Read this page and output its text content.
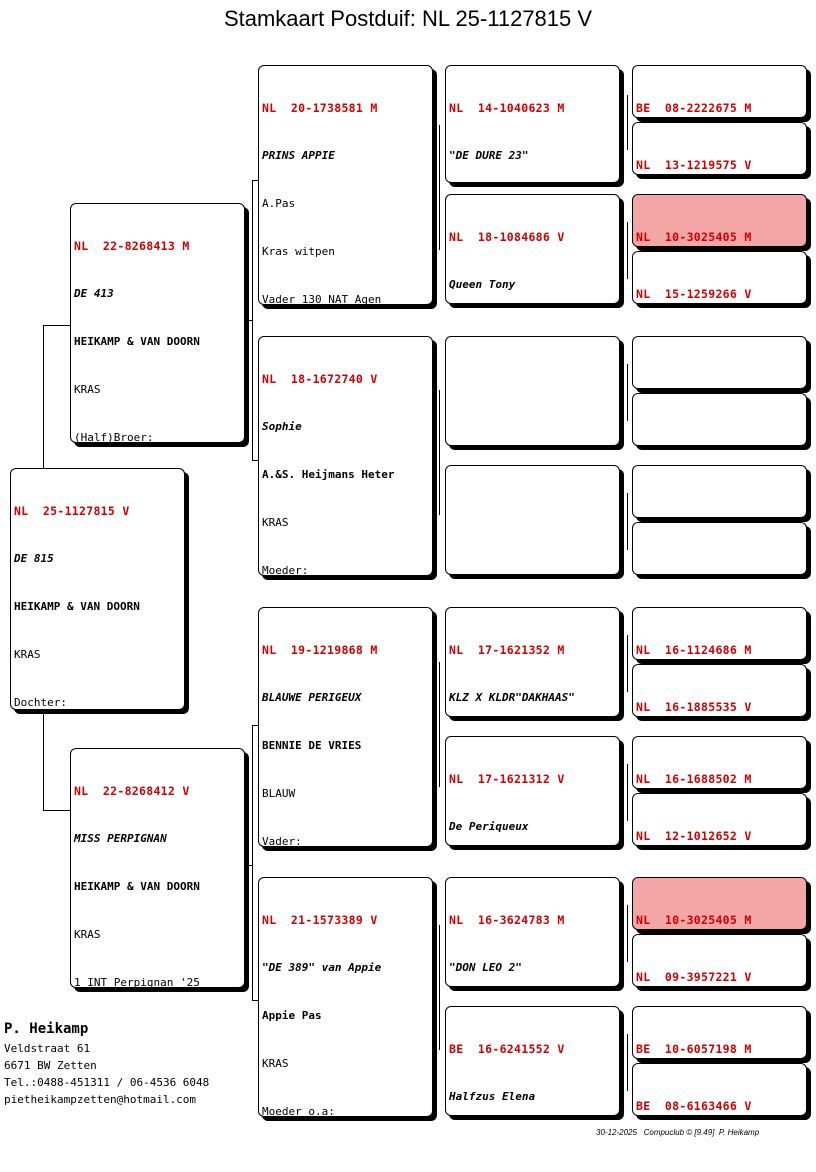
Stamkaart Postduif: NL 25-1127815 V

NL  25-1127815 V

DE 815

HEIKAMP & VAN DOORN

KRAS

Dochter:

NL  22-8268413 M

DE 413

HEIKAMP & VAN DOORN

KRAS

(Half)Broer:

NL  22-8268412 V

MISS PERPIGNAN

HEIKAMP & VAN DOORN

KRAS

1 INT Perpignan '25

NL  20-1738581 M

PRINS APPIE

A.Pas

Kras witpen

Vader 130 NAT Agen

NL  18-1672740 V

Sophie

A.&S. Heijmans Heter

KRAS

Moeder:

NL  19-1219868 M

BLAUWE PERIGEUX

BENNIE DE VRIES

BLAUW

Vader:

NL  21-1573389 V

"DE 389" van Appie

Appie Pas

KRAS

Moeder o.a:

NL  14-1040623 M

"DE DURE 23"

NL  18-1084686 V

Queen Tony

NL  17-1621352 M

KLZ X KLDR"DAKHAAS"

NL  17-1621312 V

De Periqueux

NL  16-3624783 M

"DON LEO 2"

BE  16-6241552 V

Halfzus Elena

BE  08-2222675 M

NL  13-1219575 V

NL  10-3025405 M

NL  15-1259266 V

NL  16-1124686 M

NL  16-1885535 V

NL  16-1688502 M

NL  12-1012652 V

NL  10-3025405 M

NL  09-3957221 V

BE  10-6057198 M

BE  08-6163466 V

P. Heikamp
Veldstraat 61
6671 BW Zetten
Tel.:0488-451311 / 06-4536 6048
pietheikampzetten@hotmail.com
30-12-2025   Compuclub © [9.49]  P. Heikamp
